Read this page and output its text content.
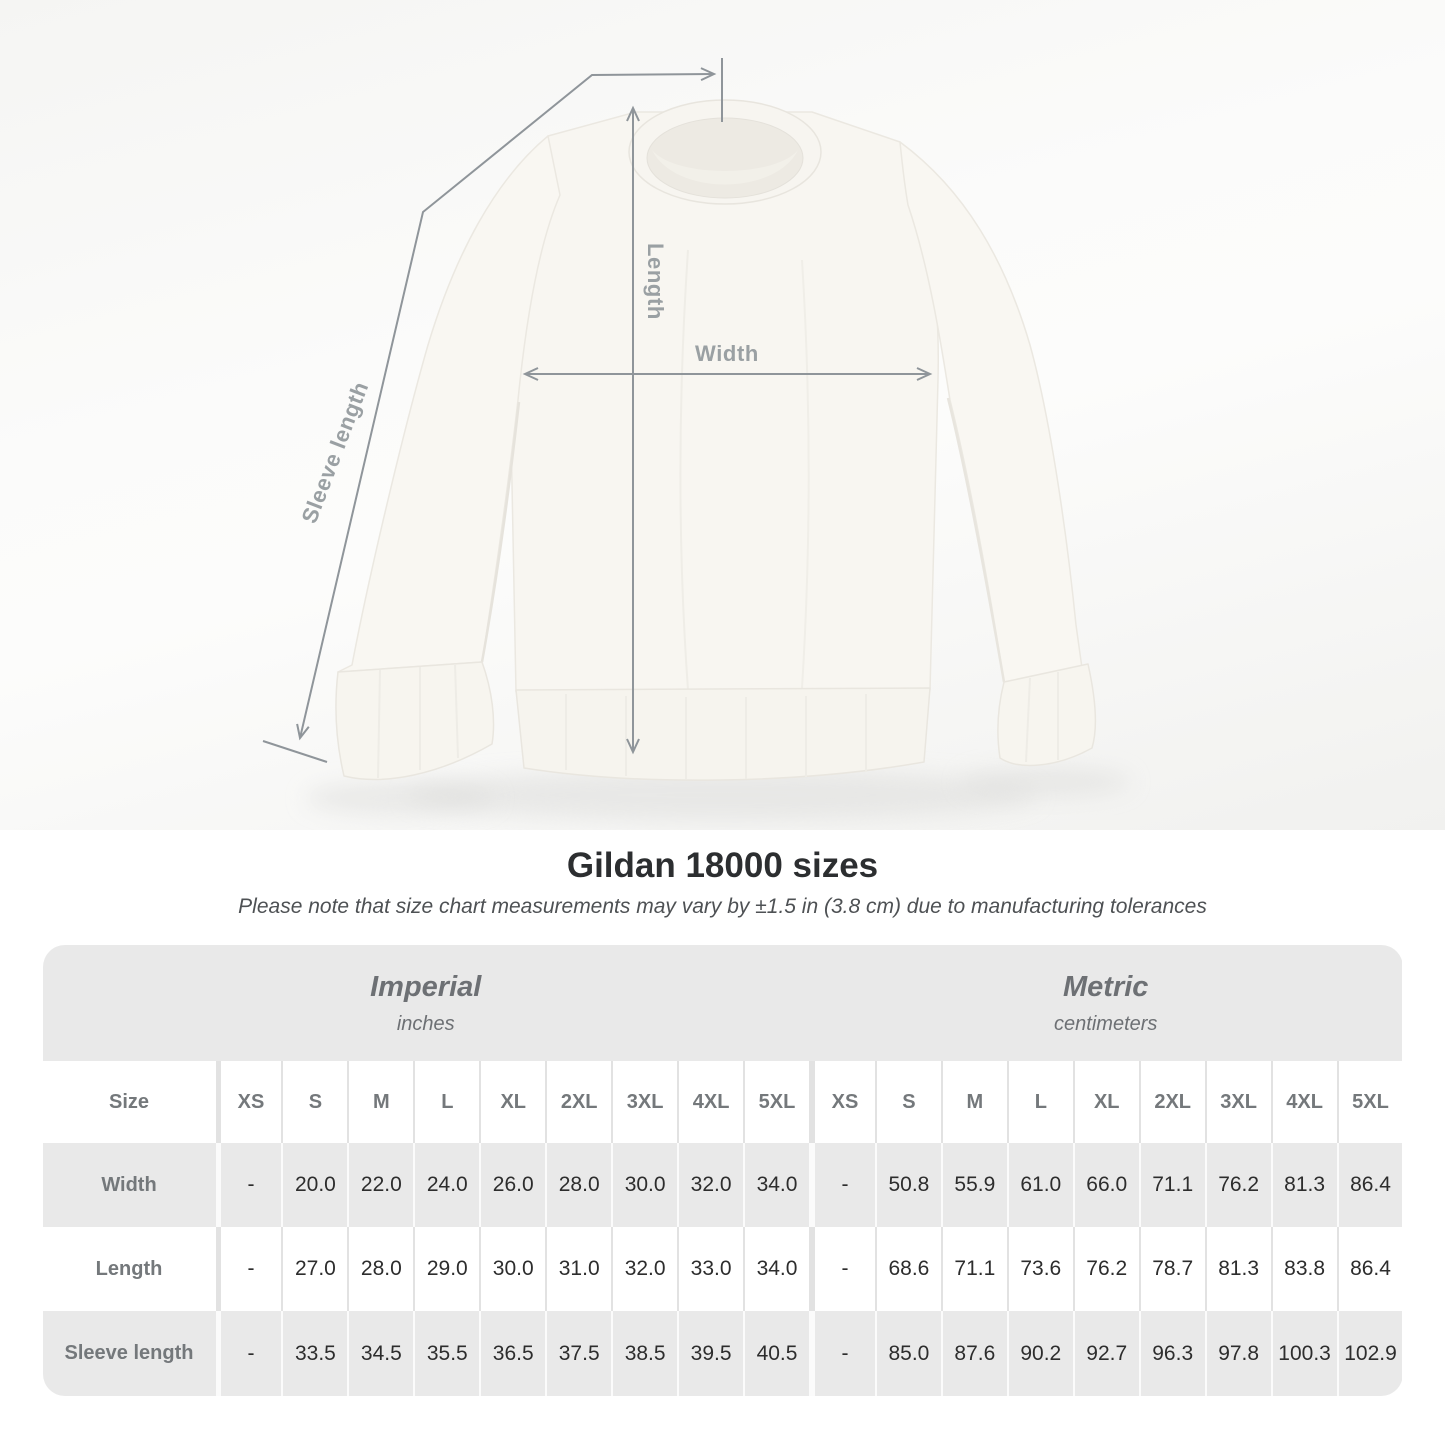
Length
Width
Sleeve length
Gildan 18000 sizes

Please note that size chart measurements may vary by ±1.5 in (3.8 cm) due to manufacturing tolerances

Imperial
inches
Metric
centimeters
Size	XS	S	M	L	XL	2XL	3XL	4XL	5XL	XS	S	M	L	XL	2XL	3XL	4XL	5XL
Width	-	20.0	22.0	24.0	26.0	28.0	30.0	32.0	34.0	-	50.8	55.9	61.0	66.0	71.1	76.2	81.3	86.4
Length	-	27.0	28.0	29.0	30.0	31.0	32.0	33.0	34.0	-	68.6	71.1	73.6	76.2	78.7	81.3	83.8	86.4
Sleeve length	-	33.5	34.5	35.5	36.5	37.5	38.5	39.5	40.5	-	85.0	87.6	90.2	92.7	96.3	97.8 100.3 102.9
